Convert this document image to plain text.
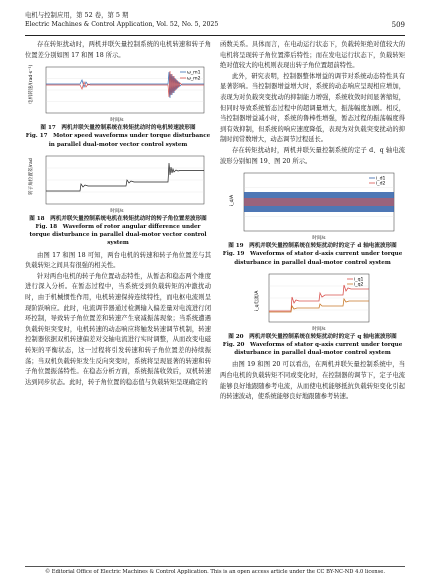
电机与控制应用，第 52 卷，第 5 期
Electric Machines & Control Application, Vol. 52, No. 5, 2025	509

存在转矩扰动时，两机并联矢量控制系统的电机转速和转子角位置差分别如图 17 和图 18 所示。

ω_m1
ω_m2
电机转速/(rad·s⁻¹)
时间/s

图 17　两机并联矢量控制系统在转矩扰动时的电机转速波形图

Fig. 17　Motor speed waveforms under torque disturbance in parallel dual-motor vector control system

转子角位置差/rad
时间/s

图 18　两机并联矢量控制系统电机在转矩扰动时的转子角位置差波形图

Fig. 18　Waveform of rotor angular difference under torque disturbance in parallel dual-motor vector control system

由图 17 和图 18 可知，两台电机的转速和转子角位置差与其负载转矩之间具有很强的相关性。

针对两台电机的转子角位置动态特性，从暂态和稳态两个维度进行深入分析。在暂态过程中，当系统受到负载转矩的冲激扰动时，由于机械惯性作用，电机转速保持连续特性，而电枢电流则呈现阶跃响应。此时，电流调节器通过检测输入偏差量对电流进行闭环控制，导致转子角位置差和转速产生衰减振荡现象；当系统遭遇负载转矩突变时，电机转速的动态响应将触发转速调节机制，转速控制器依据双机转速偏差对交轴电流进行实时调整，从而改变电磁转矩的平衡状态，这一过程将引发转速和转子角位置差的持续振荡；当双机负载转矩发生反向突变时，系统将呈现显著的转速和转子角位置振荡特性。在稳态分析方面，系统振荡收敛后，双机转速达到同步状态。此时，转子角位置的稳态值与负载转矩呈现确定的

函数关系。具体而言，在电动运行状态下，负载转矩绝对值较大的电机将呈现转子角位置滞后特性；而在发电运行状态下，负载转矩绝对值较大的电机则表现出转子角位置超前特性。

此外，研究表明，控制器整体增益的调节对系统动态特性具有显著影响。当控制器增益增大时，系统的动态响应呈现相应增加，表现为对负载突变扰动的抑制能力增强，系统收敛时间显著缩短，但同时导致系统暂态过程中的超调量增大，振荡幅度加剧。相反，当控制器增益减小时，系统的鲁棒性增强，暂态过程的振荡幅度得到有效抑制，但系统的响应速度降低，表现为对负载突变扰动的抑制时间常数增大，动态调节过程延长。

存在转矩扰动时，两机并联矢量控制系统的定子 d、q 轴电流波形分别如图 19、图 20 所示。

i_d1
i_d2
i_d/A
时间/s

图 19　两机并联矢量控制系统在转矩扰动时的定子 d 轴电流波形图

Fig. 19　Waveforms of stator d-axis current under torque disturbance in parallel dual-motor control system

i_q1
i_q2
i_q电流/A
时间/s

图 20　两机并联矢量控制系统在转矩扰动时的定子 q 轴电流波形图

Fig. 20　Waveforms of stator q-axis current under torque disturbance in parallel dual-motor control system

由图 19 和图 20 可以看出，在两机并联矢量控制系统中，当两台电机的负载转矩不同或变化时，在控制器的调节下，定子电流能够良好地跟随参考电流，从而使电机能够抵抗负载转矩变化引起的转速波动，使系统能够良好地跟随参考转速。

© Editorial Office of Electric Machines & Control Application. This is an open access article under the CC BY-NC-ND 4.0 license.
